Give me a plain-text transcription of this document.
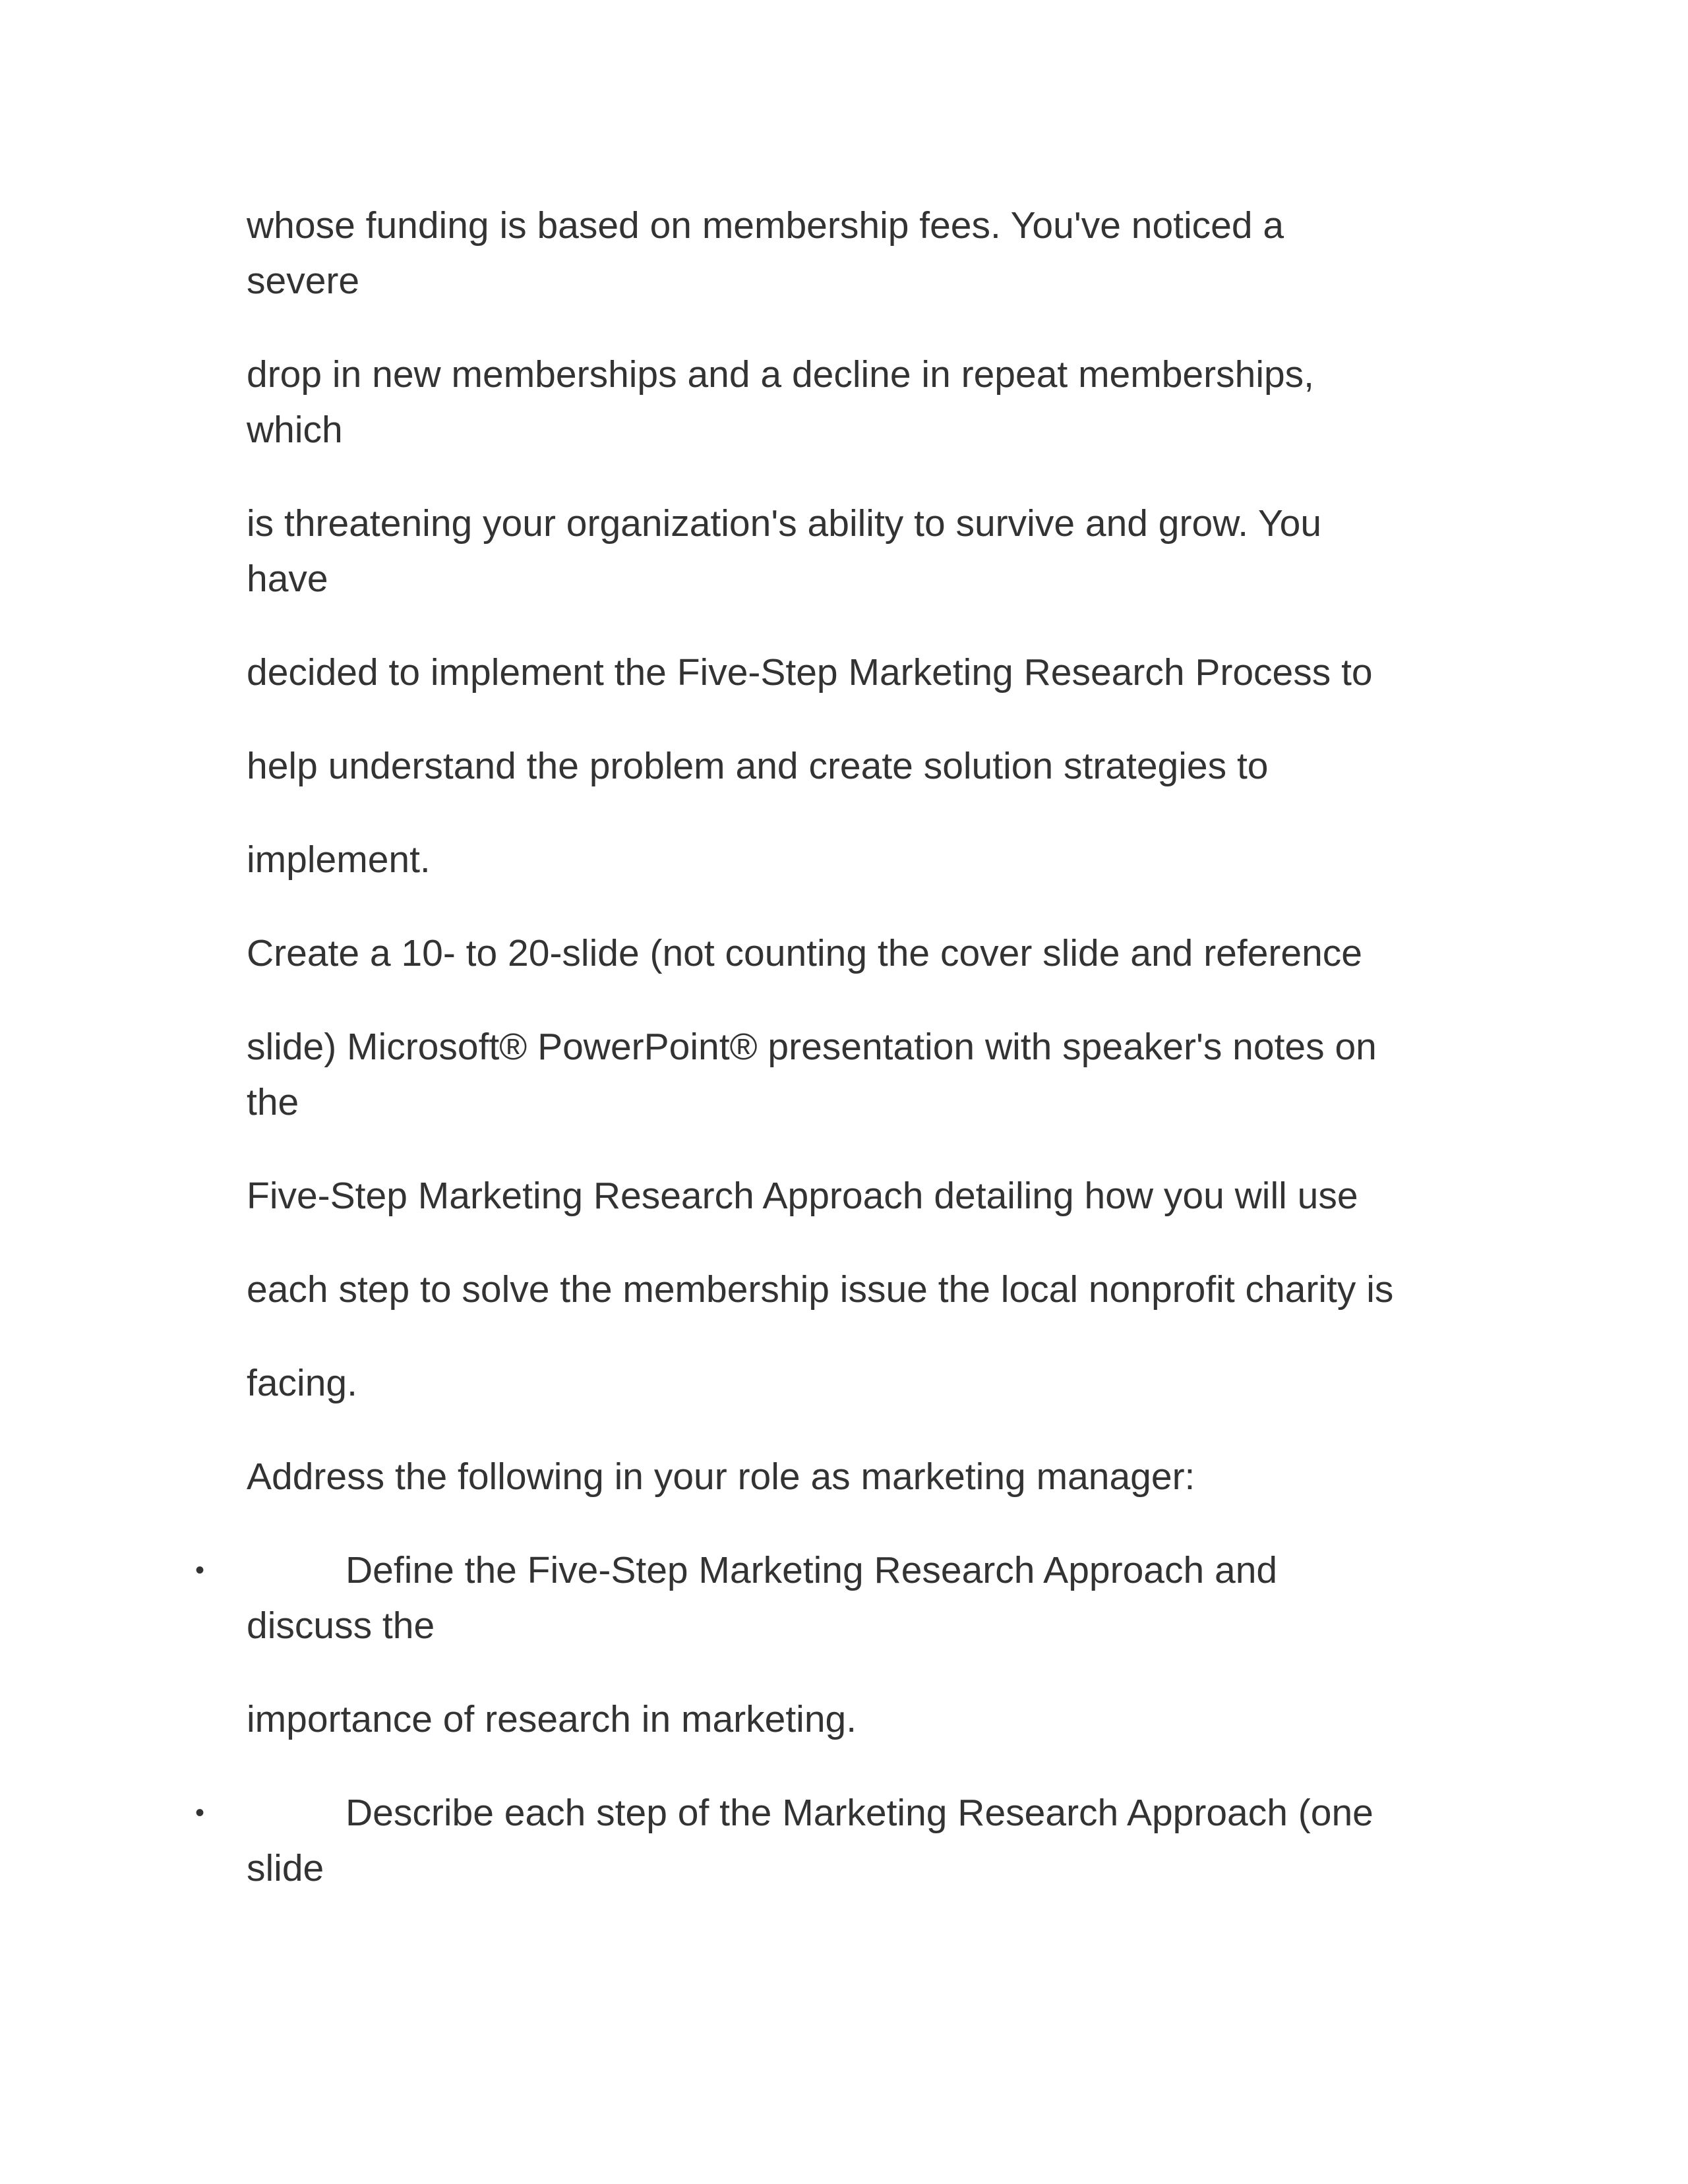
whose funding is based on membership fees. You've noticed a
severe

drop in new memberships and a decline in repeat memberships,
which

is threatening your organization's ability to survive and grow. You
have

decided to implement the Five-Step Marketing Research Process to

help understand the problem and create solution strategies to

implement.

Create a 10- to 20-slide (not counting the cover slide and reference

slide) Microsoft® PowerPoint® presentation with speaker's notes on
the

Five-Step Marketing Research Approach detailing how you will use

each step to solve the membership issue the local nonprofit charity is

facing.

Address the following in your role as marketing manager:

•	Define the Five-Step Marketing Research Approach and
discuss the

importance of research in marketing.

•	Describe each step of the Marketing Research Approach (one
slide
